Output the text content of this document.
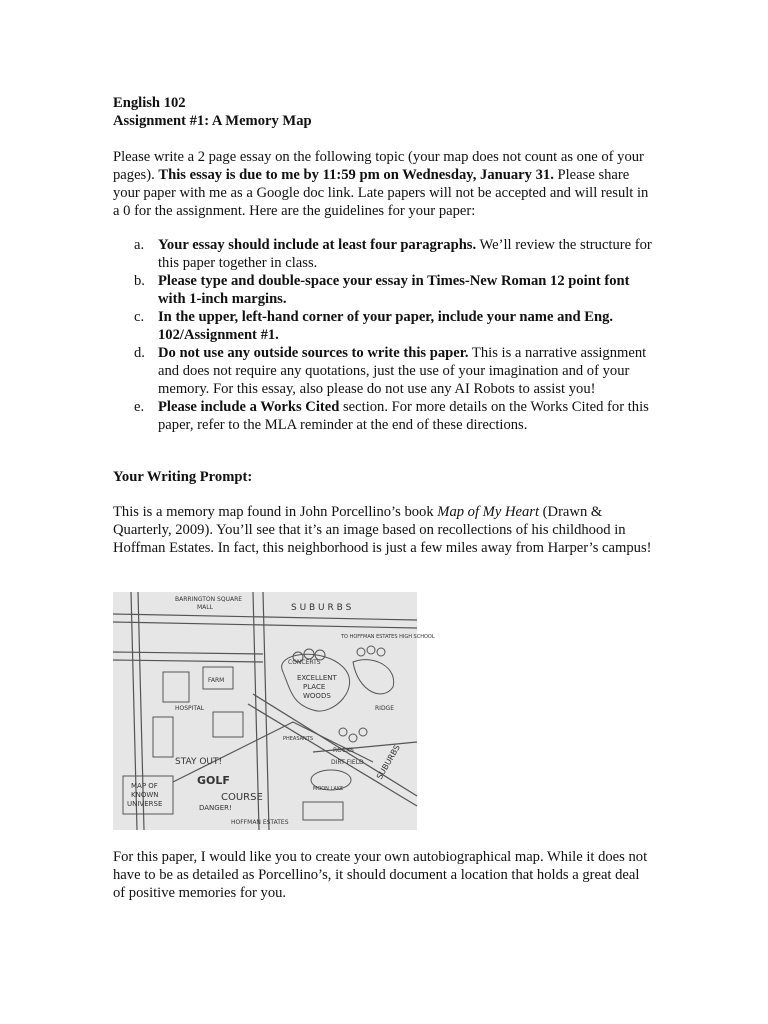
English 102

Assignment #1: A Memory Map

Please write a 2 page essay on the following topic (your map does not count as one of your pages). This essay is due to me by 11:59 pm on Wednesday, January 31. Please share your paper with me as a Google doc link. Late papers will not be accepted and will result in a 0 for the assignment. Here are the guidelines for your paper:

a. Your essay should include at least four paragraphs. We’ll review the structure for this paper together in class.
b. Please type and double-space your essay in Times-New Roman 12 point font with 1-inch margins.
c. In the upper, left-hand corner of your paper, include your name and Eng. 102/Assignment #1.
d. Do not use any outside sources to write this paper. This is a narrative assignment and does not require any quotations, just the use of your imagination and of your memory. For this essay, also please do not use any AI Robots to assist you!
e. Please include a Works Cited section. For more details on the Works Cited for this paper, refer to the MLA reminder at the end of these directions.

Your Writing Prompt:

This is a memory map found in John Porcellino’s book Map of My Heart (Drawn & Quarterly, 2009). You’ll see that it’s an image based on recollections of his childhood in Hoffman Estates. In fact, this neighborhood is just a few miles away from Harper’s campus!

BARRINGTON SQUARE
MALL	S U B U R B S
TO HOFFMAN ESTATES HIGH SCHOOL
FARM
HOSPITAL
CONCERTS
EXCELLENT
PLACE
WOODS
STAY OUT!
GOLF
COURSE
DANGER!
MAP OF
KNOWN
UNIVERSE
ROCKS
DIRT FIELD SUBURBS
HOFFMAN ESTATES
MOON LAKE
RIDGE
PHEASANTS

For this paper, I would like you to create your own autobiographical map. While it does not have to be as detailed as Porcellino’s, it should document a location that holds a great deal of positive memories for you.
